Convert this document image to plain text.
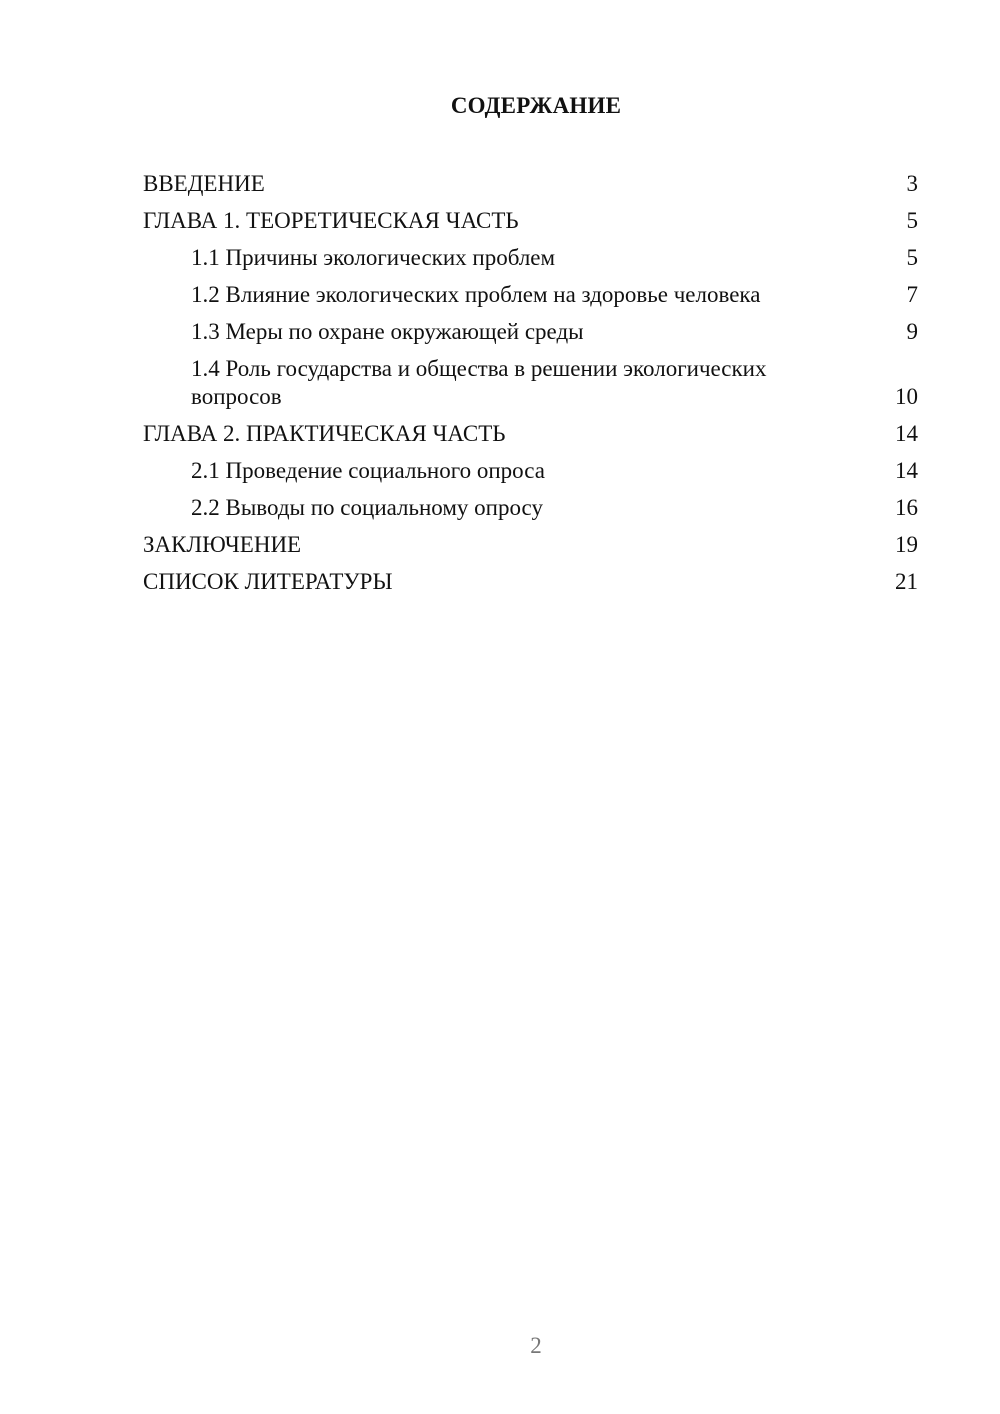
СОДЕРЖАНИЕ
ВВЕДЕНИЕ	3
ГЛАВА 1. ТЕОРЕТИЧЕСКАЯ ЧАСТЬ	5
1.1 Причины экологических проблем	5
1.2 Влияние экологических проблем на здоровье человека	7
1.3 Меры по охране окружающей среды	9
1.4 Роль государства и общества в решении экологических вопросов	10
ГЛАВА 2. ПРАКТИЧЕСКАЯ ЧАСТЬ	14
2.1 Проведение социального опроса	14
2.2 Выводы по социальному опросу	16
ЗАКЛЮЧЕНИЕ	19
СПИСОК ЛИТЕРАТУРЫ	21
2
